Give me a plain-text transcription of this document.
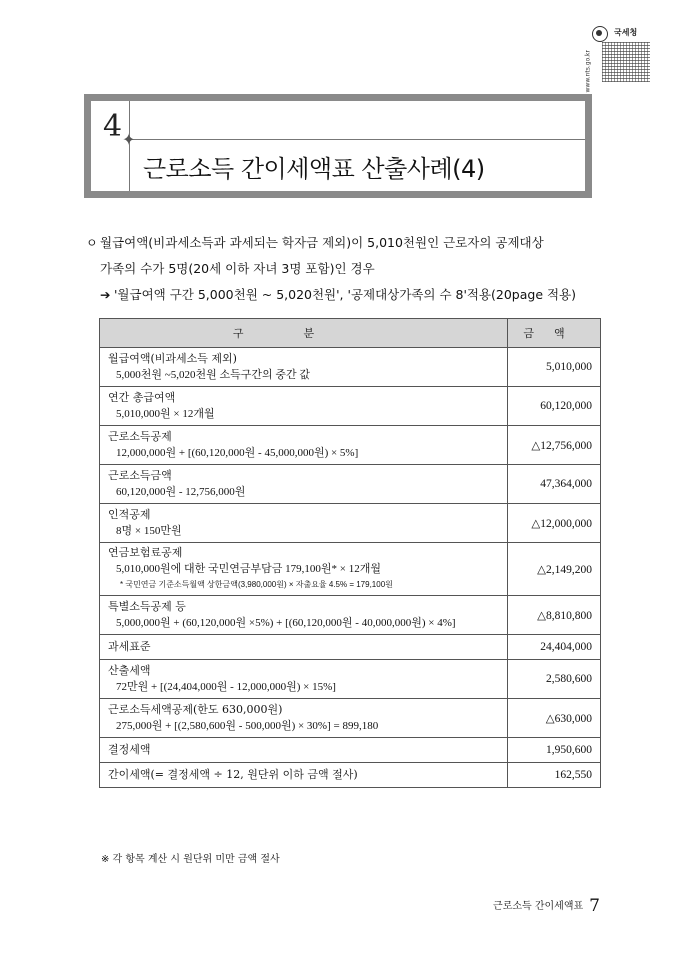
국세청
www.nts.go.kr
4 ✦
근로소득 간이세액표 산출사례(4)
ㅇ 월급여액(비과세소득과 과세되는 학자금 제외)이 5,010천원인 근로자의 공제대상
가족의 수가 5명(20세 이하 자녀 3명 포함)인 경우
➔ '월급여액 구간 5,000천원 ~ 5,020천원', '공제대상가족의 수 8'적용(20page 적용)
구분	금액

월급여액(비과세소득 제외)
5,000천원 ~5,020천원 소득구간의 중간 값	5,010,000

연간 총급여액
5,010,000원 × 12개월	60,120,000

근로소득공제
12,000,000원 + [(60,120,000원 - 45,000,000원) × 5%]	△12,756,000

근로소득금액
60,120,000원 - 12,756,000원	47,364,000

인적공제
8명 × 150만원	△12,000,000

연금보험료공제
5,010,000원에 대한 국민연금부담금 179,100원* × 12개월
* 국민연금 기준소득월액 상한금액(3,980,000원) × 자출요율 4.5% = 179,100원	△2,149,200

특별소득공제 등
5,000,000원 + (60,120,000원 ×5%) + [(60,120,000원 - 40,000,000원) × 4%]	△8,810,800
과세표준	24,404,000

산출세액
72만원 + [(24,404,000원 - 12,000,000원) × 15%]	2,580,600

근로소득세액공제(한도 630,000원)
275,000원 + [(2,580,600원 - 500,000원) × 30%] = 899,180	△630,000
결정세액	1,950,600
간이세액(= 결정세액 ÷ 12, 원단위 이하 금액 절사)	162,550
※ 각 항목 계산 시 원단위 미만 금액 절사
근로소득 간이세액표 7
